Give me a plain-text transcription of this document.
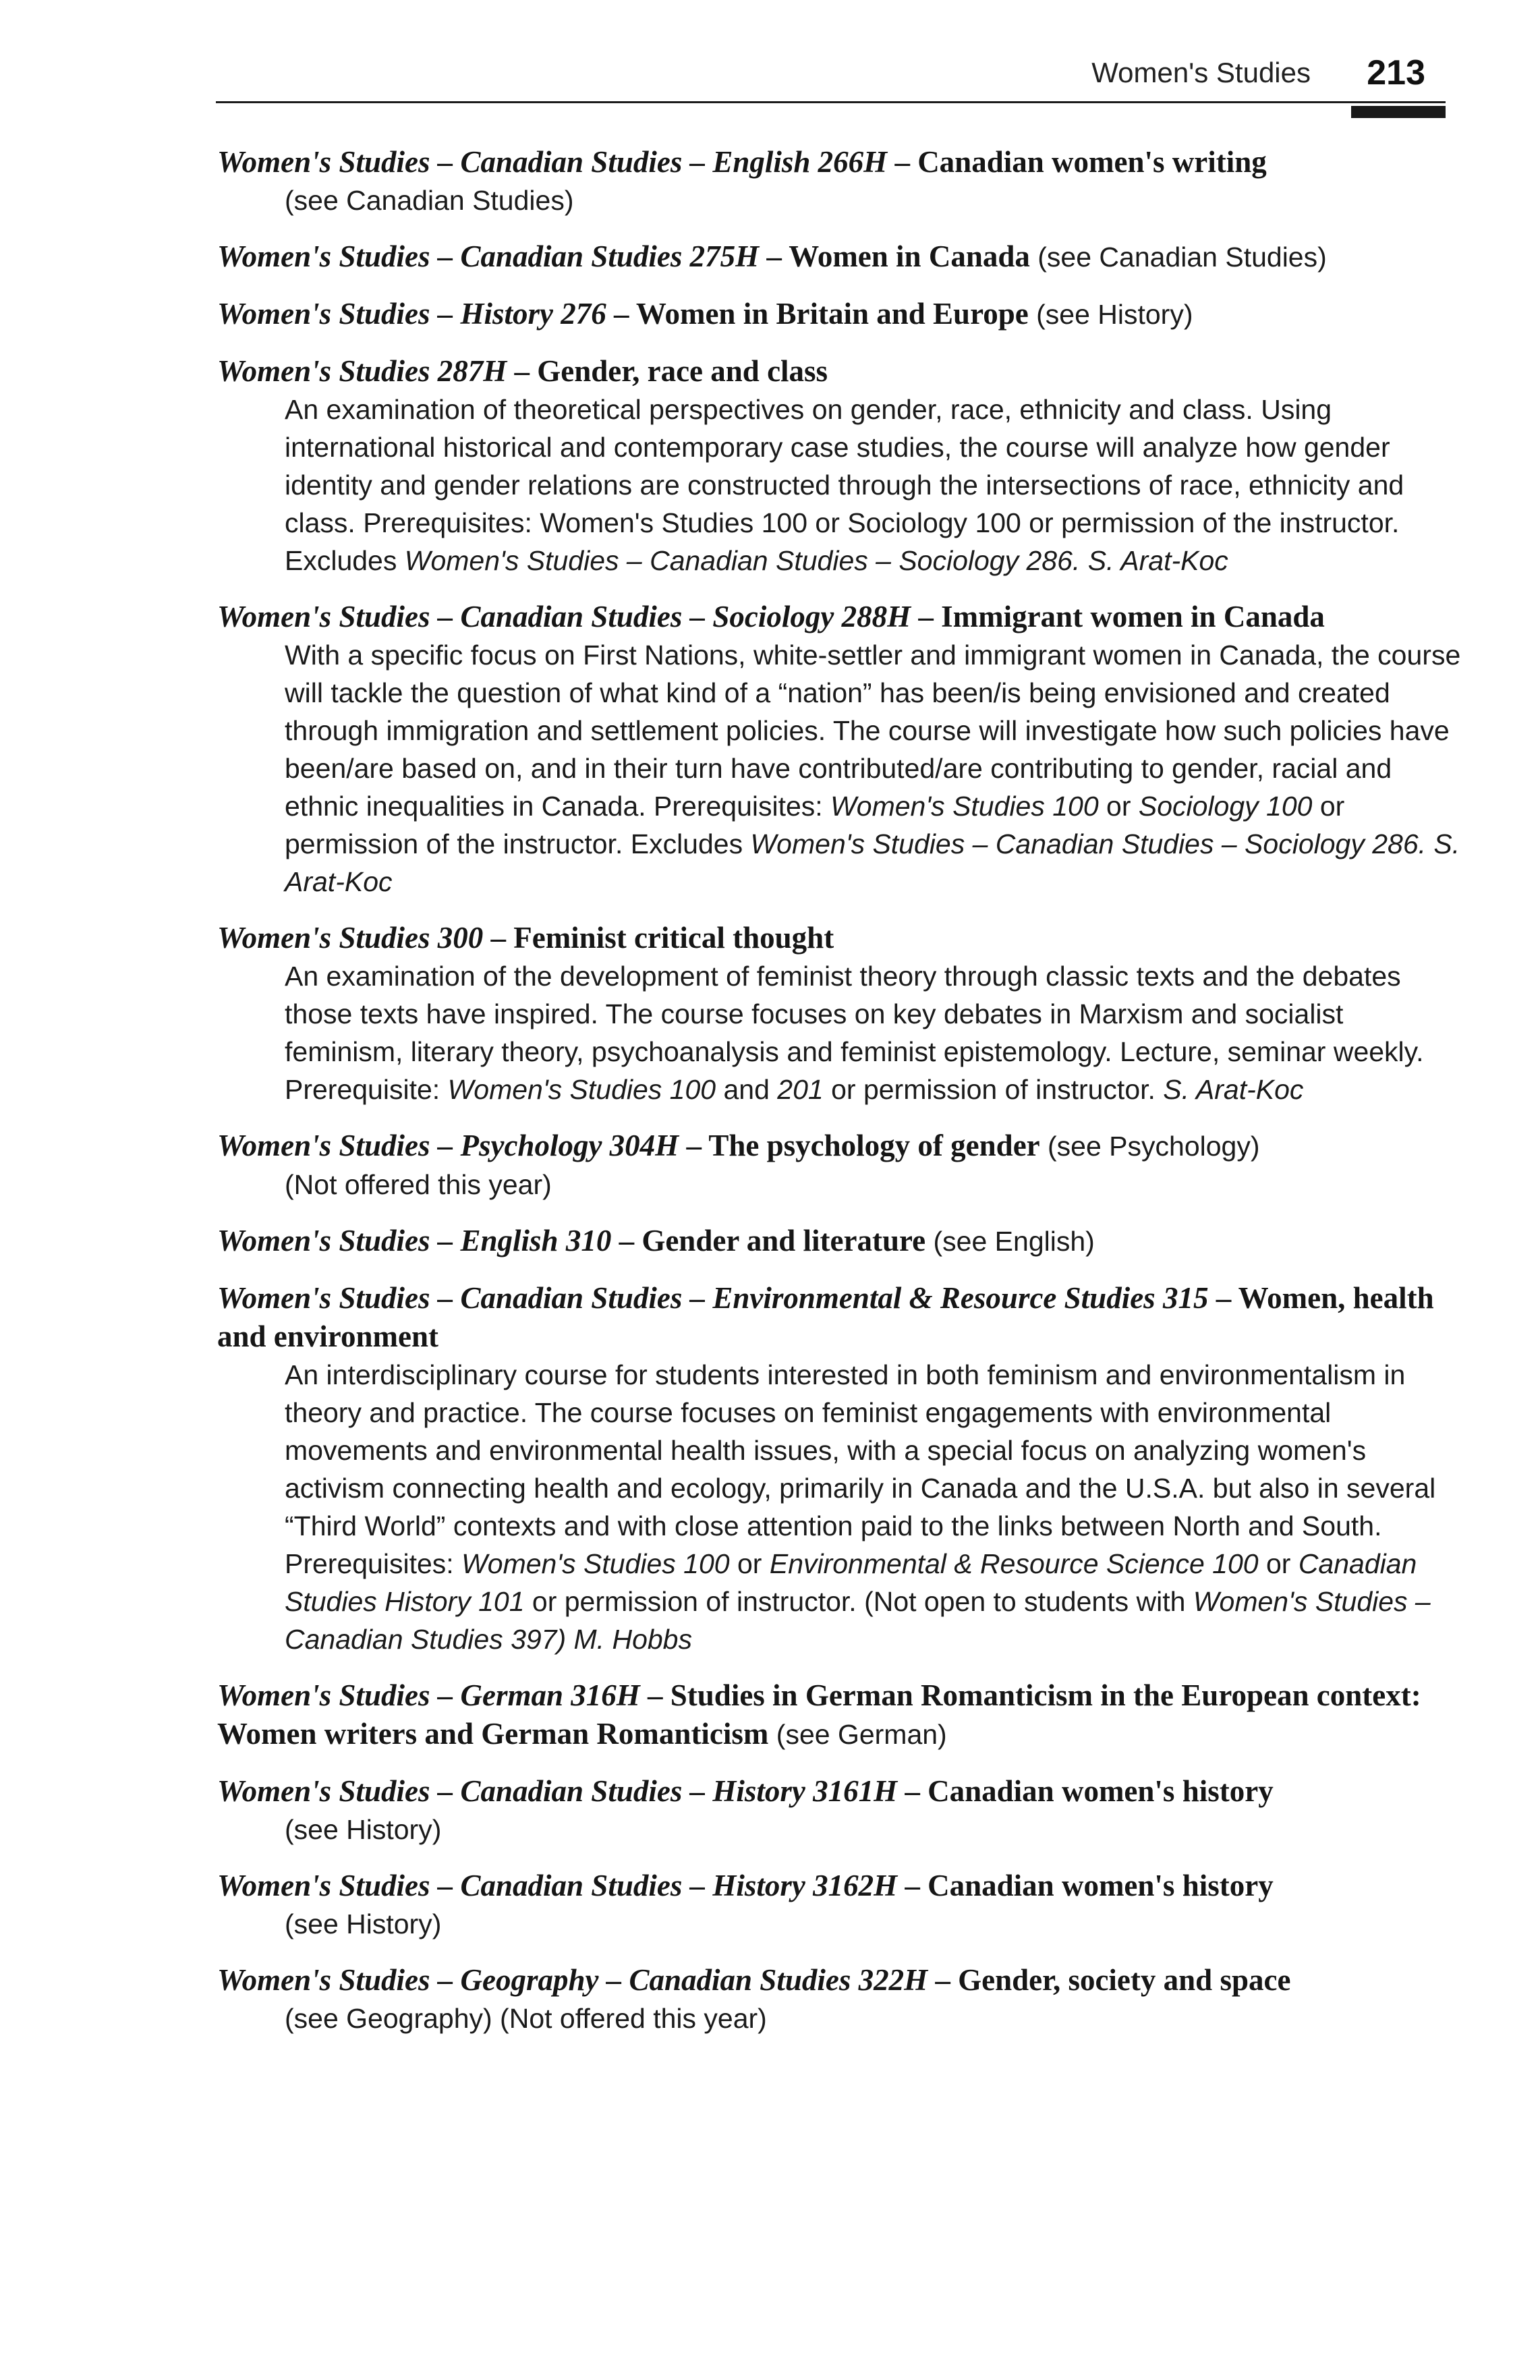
Women's Studies 213
Women's Studies – Canadian Studies – English 266H – Canadian women's writing
(see Canadian Studies)
Women's Studies – Canadian Studies 275H – Women in Canada (see Canadian Studies)
Women's Studies – History 276 – Women in Britain and Europe (see History)
Women's Studies 287H – Gender, race and class
An examination of theoretical perspectives on gender, race, ethnicity and class. Using international historical and contemporary case studies, the course will analyze how gender identity and gender relations are constructed through the intersections of race, ethnicity and class. Prerequisites: Women's Studies 100 or Sociology 100 or permission of the instructor. Excludes Women's Studies – Canadian Studies – Sociology 286. S. Arat-Koc
Women's Studies – Canadian Studies – Sociology 288H – Immigrant women in Canada
With a specific focus on First Nations, white-settler and immigrant women in Canada, the course will tackle the question of what kind of a “nation” has been/is being envisioned and created through immigration and settlement policies. The course will investigate how such policies have been/are based on, and in their turn have contributed/are contributing to gender, racial and ethnic inequalities in Canada. Prerequisites: Women's Studies 100 or Sociology 100 or permission of the instructor. Excludes Women's Studies – Canadian Studies – Sociology 286. S. Arat-Koc
Women's Studies 300 – Feminist critical thought
An examination of the development of feminist theory through classic texts and the debates those texts have inspired. The course focuses on key debates in Marxism and socialist feminism, literary theory, psychoanalysis and feminist epistemology. Lecture, seminar weekly. Prerequisite: Women's Studies 100 and 201 or permission of instructor. S. Arat-Koc
Women's Studies – Psychology 304H – The psychology of gender (see Psychology)
(Not offered this year)
Women's Studies – English 310 – Gender and literature (see English)
Women's Studies – Canadian Studies – Environmental & Resource Studies 315 – Women, health and environment
An interdisciplinary course for students interested in both feminism and environmentalism in theory and practice. The course focuses on feminist engagements with environmental movements and environmental health issues, with a special focus on analyzing women's activism connecting health and ecology, primarily in Canada and the U.S.A. but also in several “Third World” contexts and with close attention paid to the links between North and South. Prerequisites: Women's Studies 100 or Environmental & Resource Science 100 or Canadian Studies History 101 or permission of instructor. (Not open to students with Women's Studies – Canadian Studies 397) M. Hobbs
Women's Studies – German 316H – Studies in German Romanticism in the European context: Women writers and German Romanticism (see German)
Women's Studies – Canadian Studies – History 3161H – Canadian women's history
(see History)
Women's Studies – Canadian Studies – History 3162H – Canadian women's history
(see History)
Women's Studies – Geography – Canadian Studies 322H – Gender, society and space
(see Geography) (Not offered this year)
